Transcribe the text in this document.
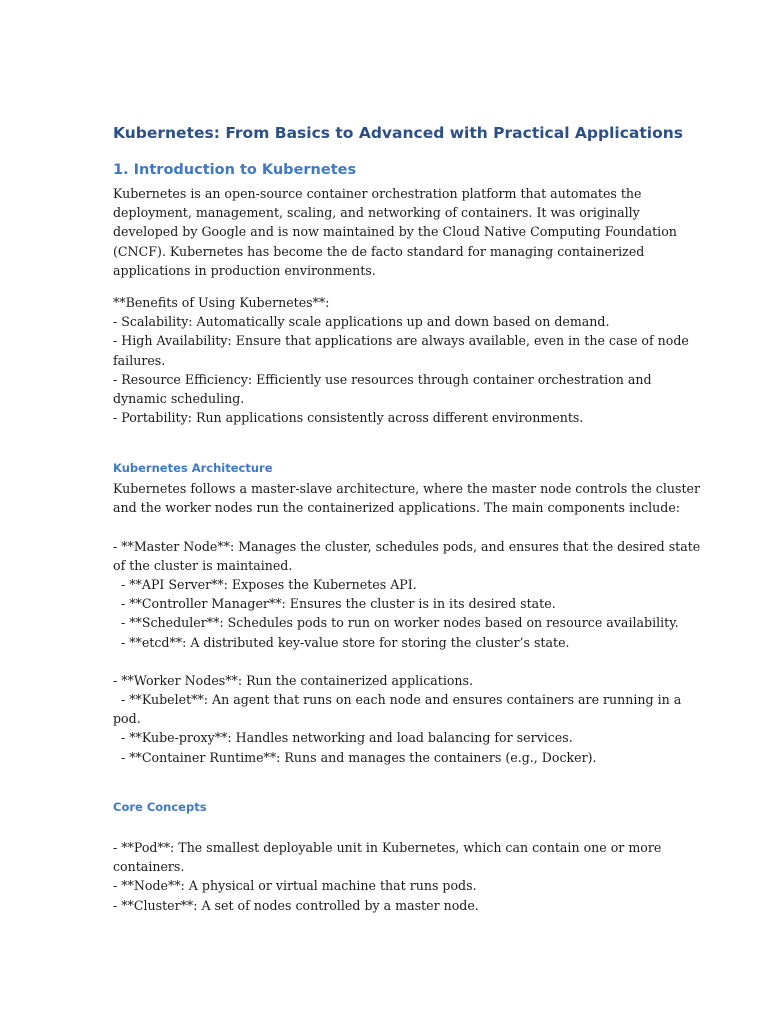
Kubernetes: From Basics to Advanced with Practical Applications
1. Introduction to Kubernetes
Kubernetes is an open-source container orchestration platform that automates the
deployment, management, scaling, and networking of containers. It was originally
developed by Google and is now maintained by the Cloud Native Computing Foundation
(CNCF). Kubernetes has become the de facto standard for managing containerized
applications in production environments.
**Benefits of Using Kubernetes**:
- Scalability: Automatically scale applications up and down based on demand.
- High Availability: Ensure that applications are always available, even in the case of node
failures.
- Resource Efficiency: Efficiently use resources through container orchestration and
dynamic scheduling.
- Portability: Run applications consistently across different environments.
Kubernetes Architecture
Kubernetes follows a master-slave architecture, where the master node controls the cluster
and the worker nodes run the containerized applications. The main components include:
- **Master Node**: Manages the cluster, schedules pods, and ensures that the desired state
of the cluster is maintained.
- **API Server**: Exposes the Kubernetes API.
- **Controller Manager**: Ensures the cluster is in its desired state.
- **Scheduler**: Schedules pods to run on worker nodes based on resource availability.
- **etcd**: A distributed key-value store for storing the cluster’s state.
- **Worker Nodes**: Run the containerized applications.
- **Kubelet**: An agent that runs on each node and ensures containers are running in a
pod.
- **Kube-proxy**: Handles networking and load balancing for services.
- **Container Runtime**: Runs and manages the containers (e.g., Docker).
Core Concepts
- **Pod**: The smallest deployable unit in Kubernetes, which can contain one or more
containers.
- **Node**: A physical or virtual machine that runs pods.
- **Cluster**: A set of nodes controlled by a master node.
